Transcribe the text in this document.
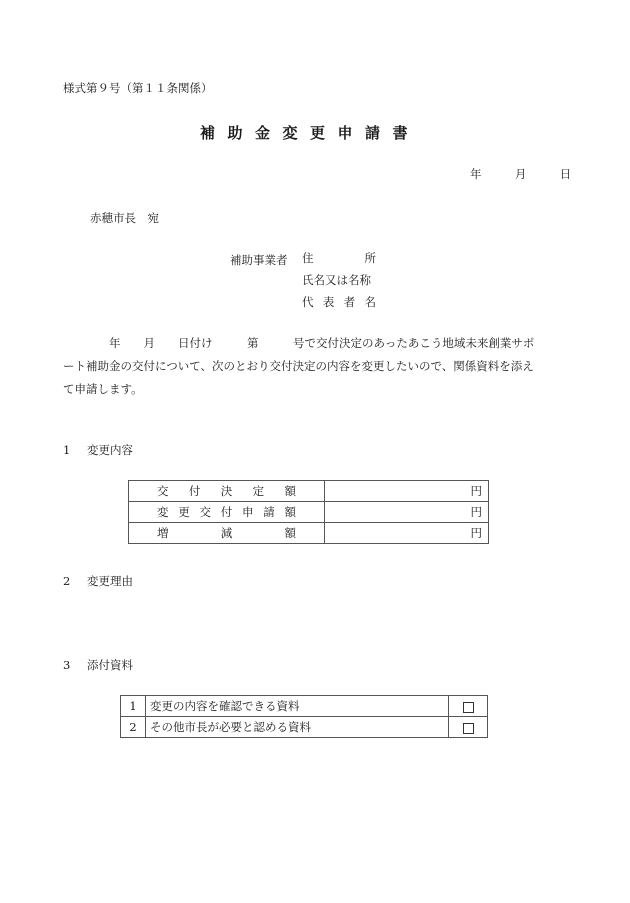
様式第９号（第１１条関係）
補助金変更申請書
年	月	日
赤穂市長　宛
補助事業者 住	所
氏名又は名称
代 表 者 名
　　　　年　　月　　日付け　　　第　　　号で交付決定のあったあこう地域未来創業サポ
ート補助金の交付について、次のとおり交付決定の内容を変更したいので、関係資料を添え
て申請します。
1 変更内容
交 付 決 定 額	円

変 更 交 付 申 請 額	円

増 減 額	円
2 変更理由
3 添付資料
1	変更の内容を確認できる資料	
2	その他市長が必要と認める資料	
